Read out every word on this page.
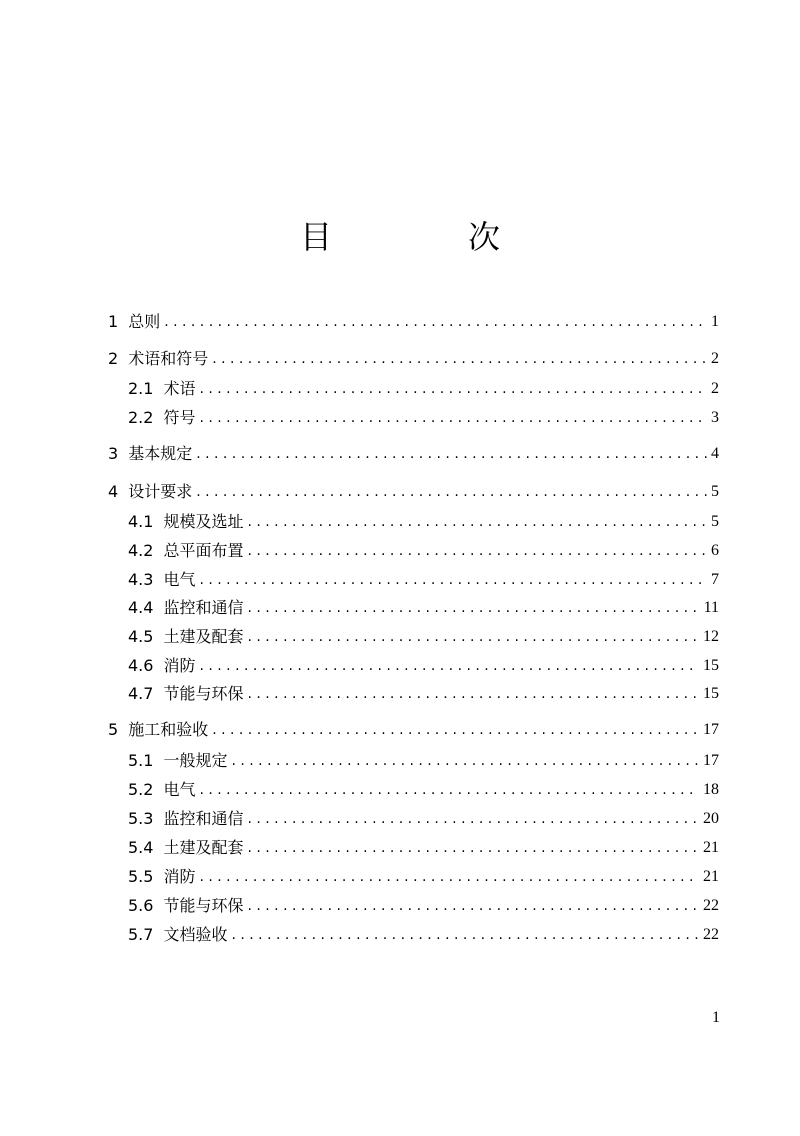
目　次
1 总则 . . .	1
2 术语和符号 . . .	2
2.1 术语 . . .	2
2.2 符号 . . .	3
3 基本规定 . . .	4
4 设计要求 . . .	5
4.1 规模及选址 . . .	5
4.2 总平面布置 . . .	6
4.3 电气 . . .	7
4.4 监控和通信 . . .	11
4.5 土建及配套 . . .	12
4.6 消防 . . .	15
4.7 节能与环保 . . .	15
5 施工和验收 . . .	17
5.1 一般规定 . . .	17
5.2 电气 . . .	18
5.3 监控和通信 . . .	20
5.4 土建及配套 . . .	21
5.5 消防 . . .	21
5.6 节能与环保 . . .	22
5.7 文档验收 . . .	22
1
